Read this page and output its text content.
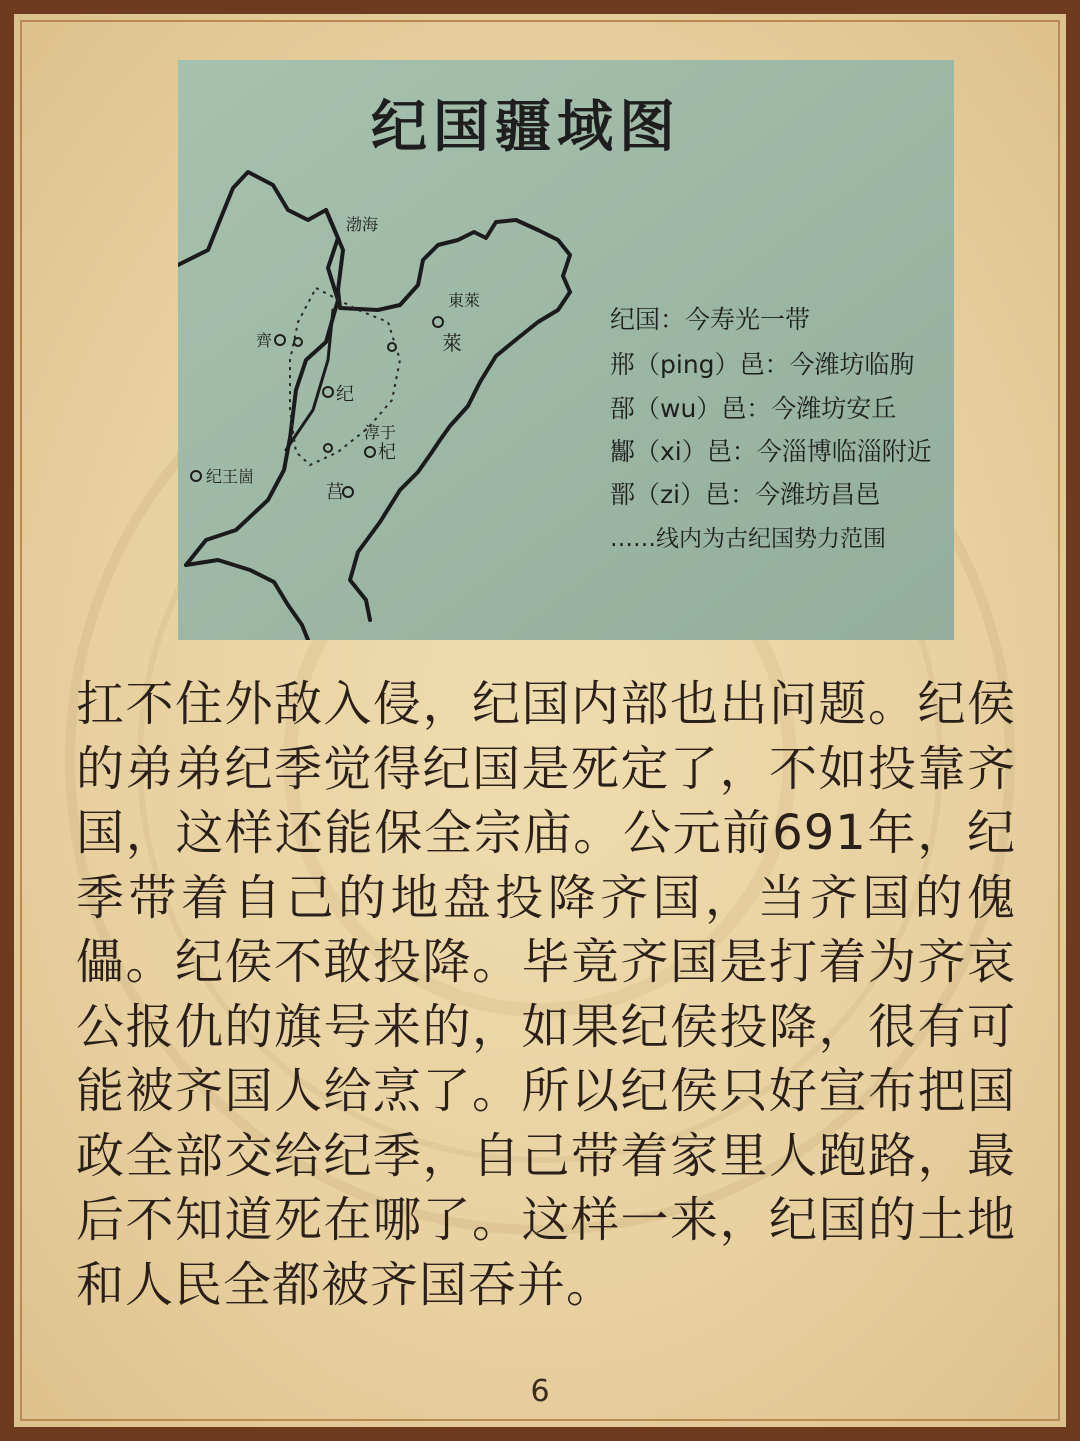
纪国疆域图
渤海
東萊
齊	萊
纪
淳于
杞
莒
纪王崮
纪国：今寿光一带
郱（ping）邑：今潍坊临朐
郚（wu）邑：今潍坊安丘
酅（xi）邑：今淄博临淄附近
鄑（zi）邑：今潍坊昌邑
……线内为古纪国势力范围

扛不住外敌入侵，纪国内部也出问题。纪侯的弟弟纪季觉得纪国是死定了，不如投靠齐国，这样还能保全宗庙。公元前691年，纪季带着自己的地盘投降齐国，当齐国的傀儡。纪侯不敢投降。毕竟齐国是打着为齐哀公报仇的旗号来的，如果纪侯投降，很有可能被齐国人给烹了。所以纪侯只好宣布把国政全部交给纪季，自己带着家里人跑路，最后不知道死在哪了。这样一来，纪国的土地和人民全都被齐国吞并。

6
